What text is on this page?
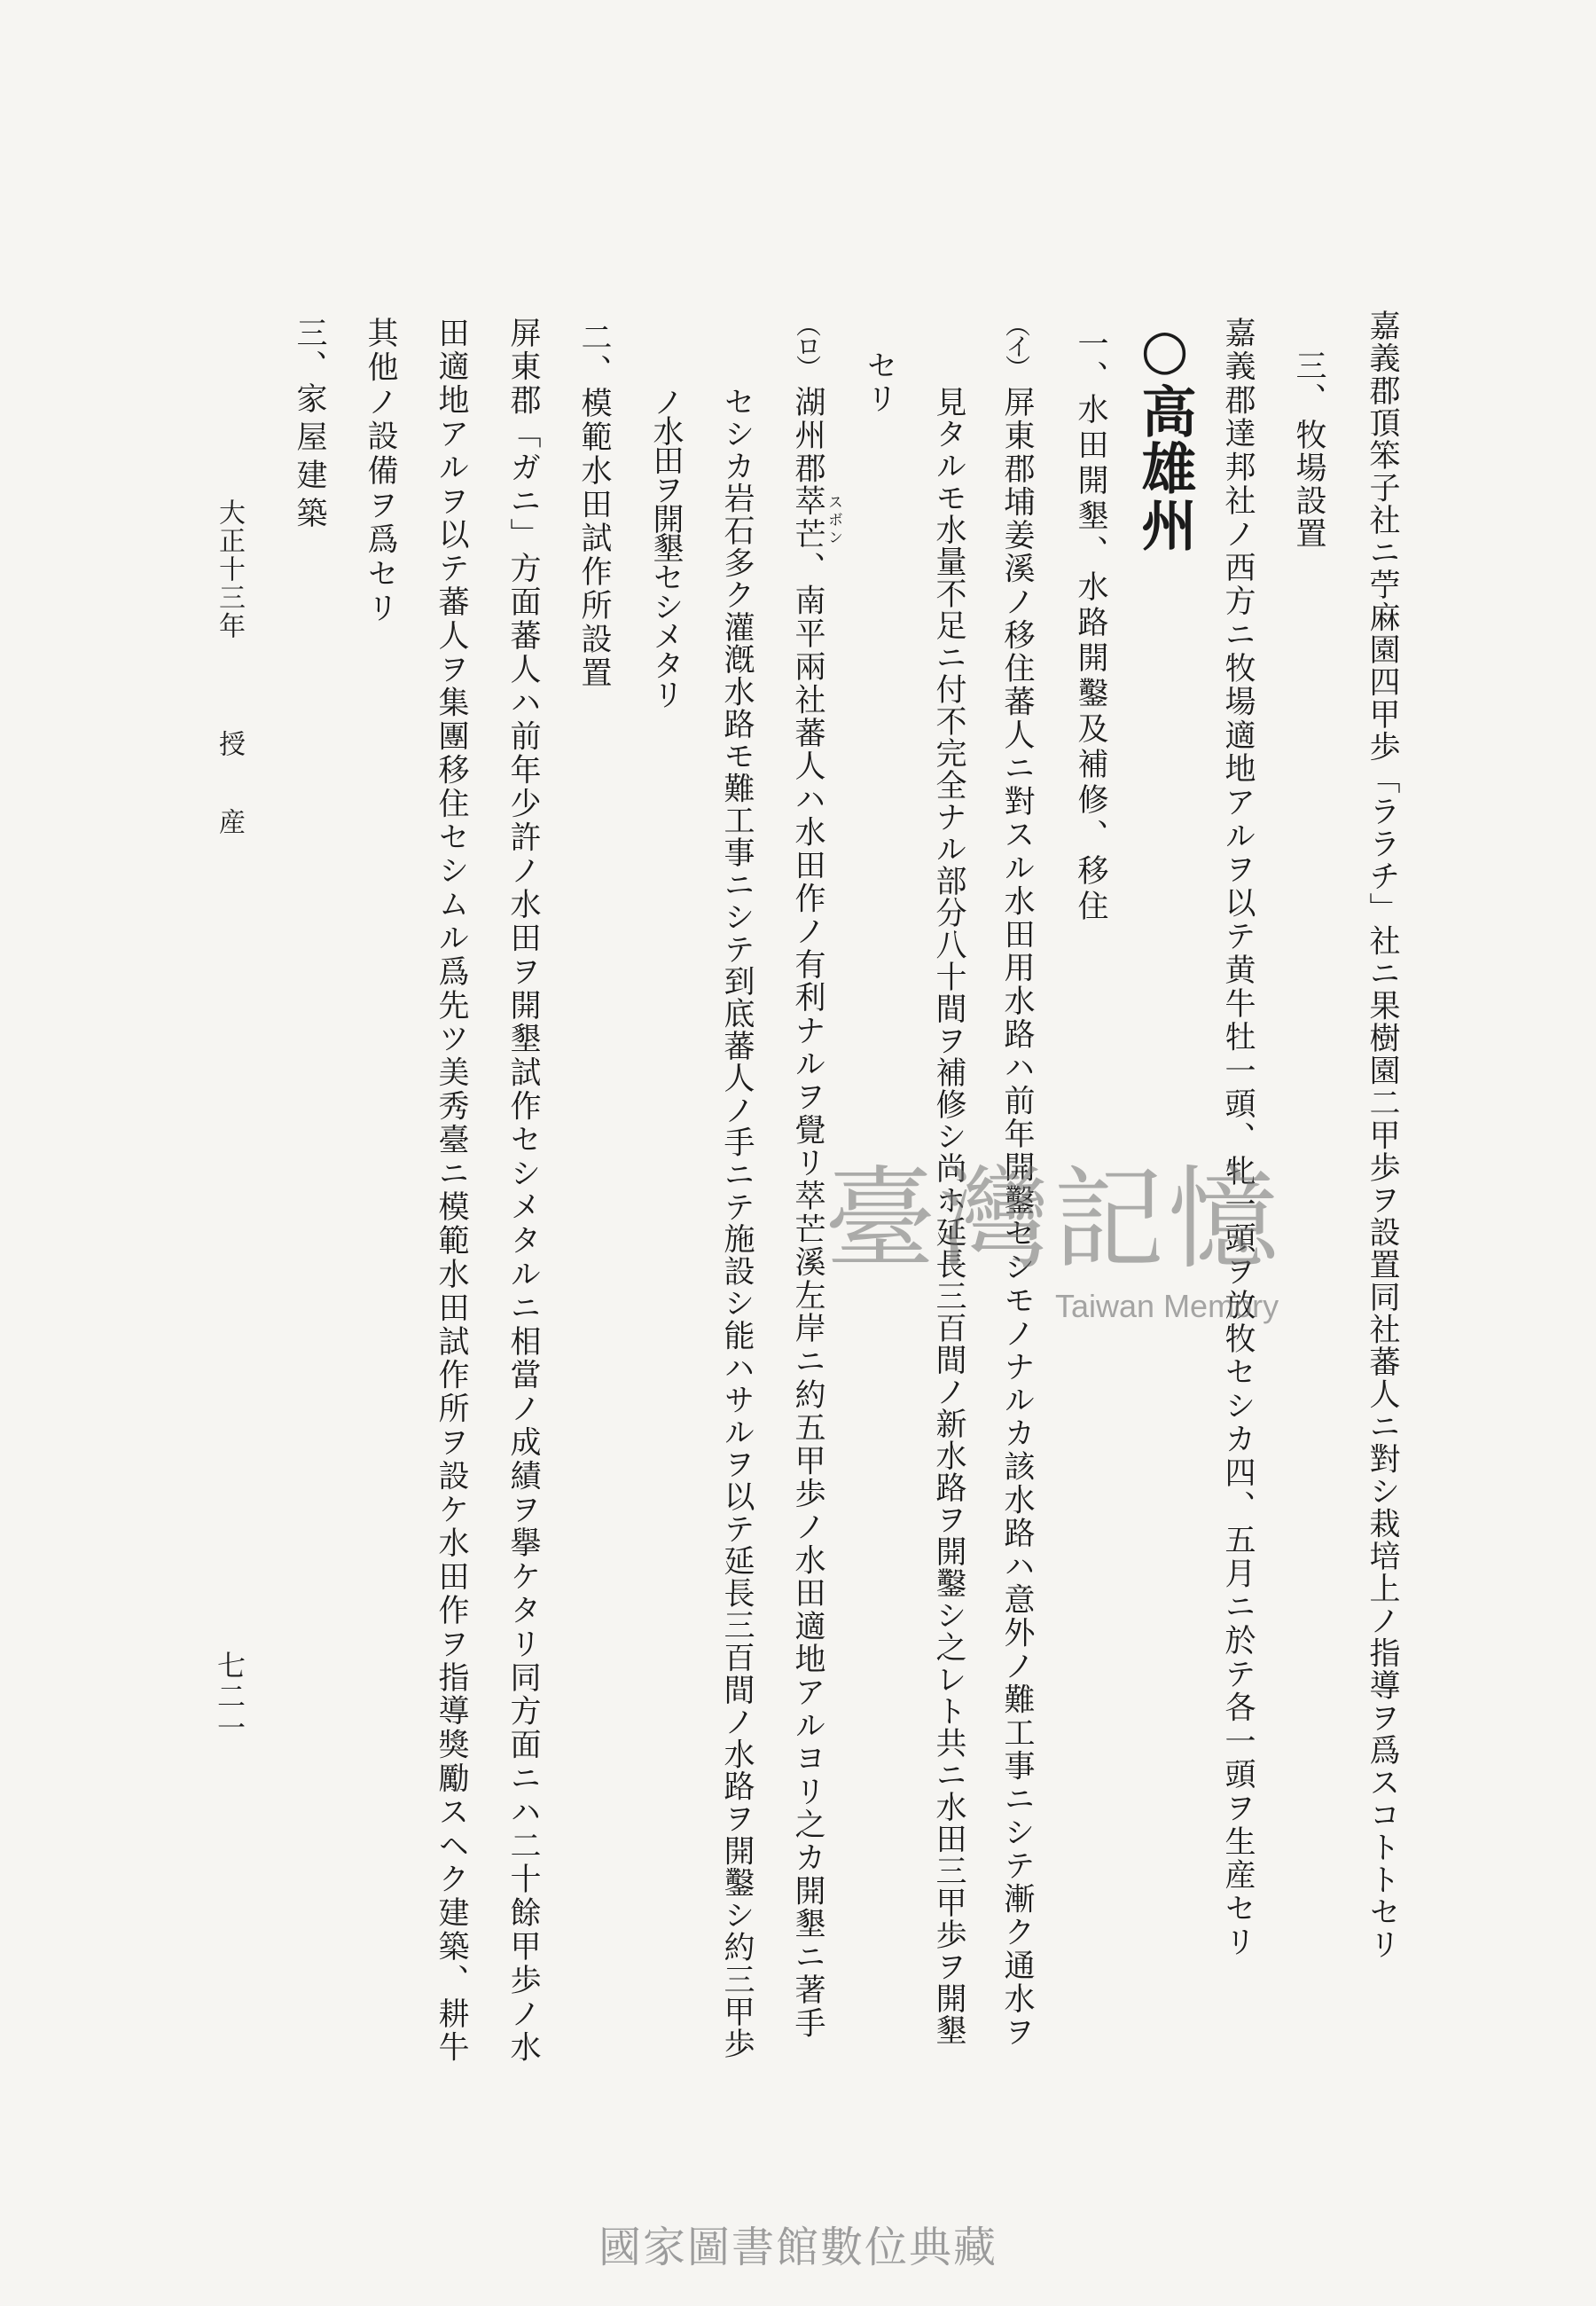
嘉義郡頂笨子社ニ苧麻園四甲歩「ララチ」社ニ果樹園二甲歩ヲ設置同社蕃人ニ對シ栽培上ノ指導ヲ爲スコトトセリ
三、牧場設置
嘉義郡達邦社ノ西方ニ牧場適地アルヲ以テ黄牛牡一頭、牝一頭ヲ放牧セシカ四、五月ニ於テ各一頭ヲ生産セリ
○高雄州
一、水田開墾、水路開鑿及補修、移住
（イ）
屏東郡埔姜溪ノ移住蕃人ニ對スル水田用水路ハ前年開鑿セシモノナルカ該水路ハ意外ノ難工事ニシテ漸ク通水ヲ
見タルモ水量不足ニ付不完全ナル部分八十間ヲ補修シ尚ホ延長三百間ノ新水路ヲ開鑿シ之レト共ニ水田三甲歩ヲ開墾
セリ
（ロ）
湖州郡萃芒、南平兩社蕃人ハ水田作ノ有利ナルヲ覺リ萃芒溪左岸ニ約五甲歩ノ水田適地アルヨリ之カ開墾ニ著手 スボン
セシカ岩石多ク灌漑水路モ難工事ニシテ到底蕃人ノ手ニテ施設シ能ハサルヲ以テ延長三百間ノ水路ヲ開鑿シ約三甲歩
ノ水田ヲ開墾セシメタリ
二、模範水田試作所設置
屏東郡「ガニ」方面蕃人ハ前年少許ノ水田ヲ開墾試作セシメタルニ相當ノ成績ヲ擧ケタリ同方面ニハ二十餘甲歩ノ水
田適地アルヲ以テ蕃人ヲ集團移住セシムル爲先ツ美秀臺ニ模範水田試作所ヲ設ケ水田作ヲ指導獎勵スヘク建築、耕牛
其他ノ設備ヲ爲セリ
三、家屋建築
大正十三年
授
産
七二一
臺灣記憶
Taiwan Memory
國家圖書館數位典藏
